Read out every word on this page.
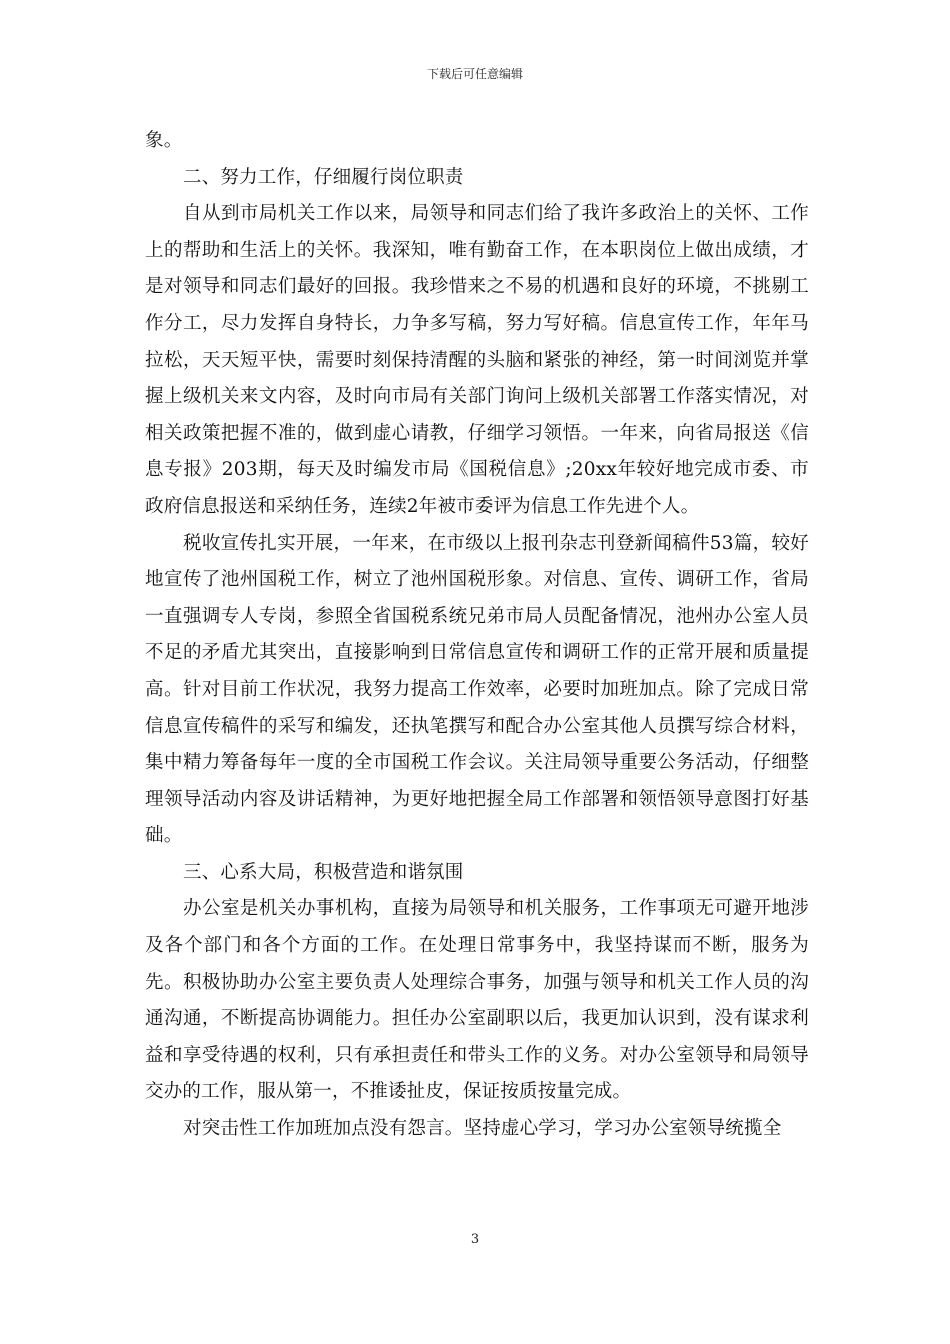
下载后可任意编辑

象。

二、努力工作，仔细履行岗位职责

自从到市局机关工作以来，局领导和同志们给了我许多政治上的关怀、工作上的帮助和生活上的关怀。我深知，唯有勤奋工作，在本职岗位上做出成绩，才是对领导和同志们最好的回报。我珍惜来之不易的机遇和良好的环境，不挑剔工作分工，尽力发挥自身特长，力争多写稿，努力写好稿。信息宣传工作，年年马拉松，天天短平快，需要时刻保持清醒的头脑和紧张的神经，第一时间浏览并掌握上级机关来文内容，及时向市局有关部门询问上级机关部署工作落实情况，对相关政策把握不准的，做到虚心请教，仔细学习领悟。一年来，向省局报送《信息专报》203期，每天及时编发市局《国税信息》;20xx年较好地完成市委、市政府信息报送和采纳任务，连续2年被市委评为信息工作先进个人。

税收宣传扎实开展，一年来，在市级以上报刊杂志刊登新闻稿件53篇，较好地宣传了池州国税工作，树立了池州国税形象。对信息、宣传、调研工作，省局一直强调专人专岗，参照全省国税系统兄弟市局人员配备情况，池州办公室人员不足的矛盾尤其突出，直接影响到日常信息宣传和调研工作的正常开展和质量提高。针对目前工作状况，我努力提高工作效率，必要时加班加点。除了完成日常信息宣传稿件的采写和编发，还执笔撰写和配合办公室其他人员撰写综合材料，集中精力筹备每年一度的全市国税工作会议。关注局领导重要公务活动，仔细整理领导活动内容及讲话精神，为更好地把握全局工作部署和领悟领导意图打好基础。

三、心系大局，积极营造和谐氛围

办公室是机关办事机构，直接为局领导和机关服务，工作事项无可避开地涉及各个部门和各个方面的工作。在处理日常事务中，我坚持谋而不断，服务为先。积极协助办公室主要负责人处理综合事务，加强与领导和机关工作人员的沟通沟通，不断提高协调能力。担任办公室副职以后，我更加认识到，没有谋求利益和享受待遇的权利，只有承担责任和带头工作的义务。对办公室领导和局领导交办的工作，服从第一，不推诿扯皮，保证按质按量完成。

对突击性工作加班加点没有怨言。坚持虚心学习，学习办公室领导统揽全

3
